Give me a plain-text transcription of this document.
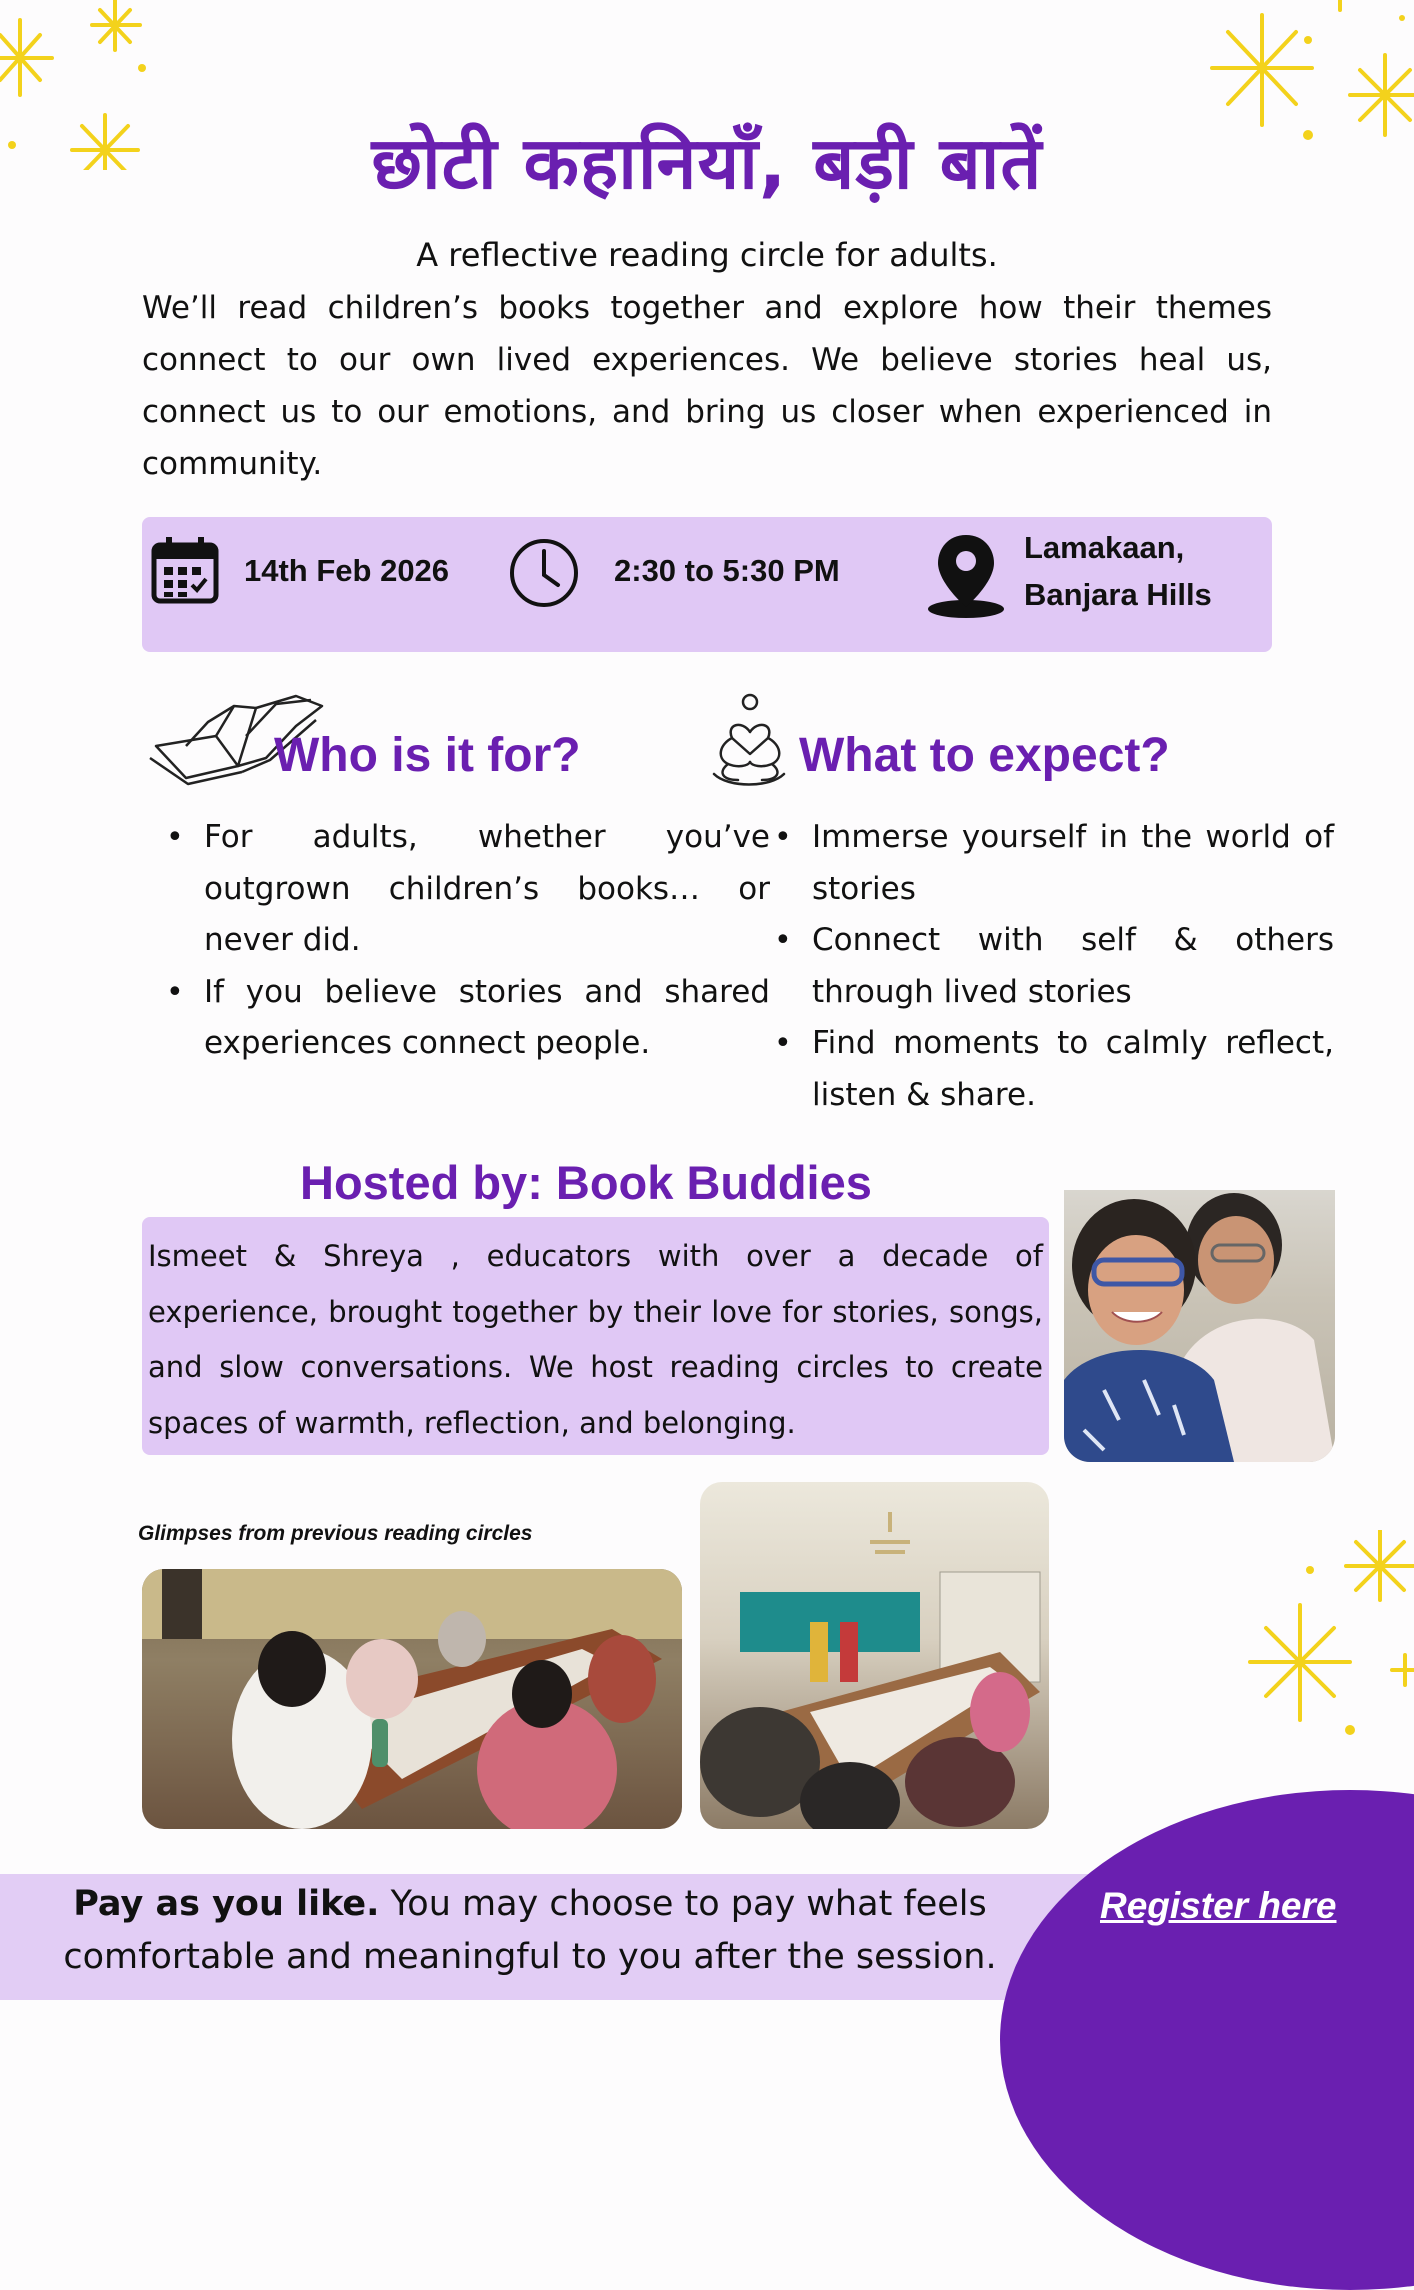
छोटी कहानियाँ, बड़ी बातें
A reflective reading circle for adults.
We’ll read children’s books together and explore how their themes connect to our own lived experiences. We believe stories heal us, connect us to our emotions, and bring us closer when experienced in community.
14th Feb 2026	2:30 to 5:30 PM
Lamakaan,
Banjara Hills
Who is it for?
• For adults, whether you’ve outgrown children’s books… or never did.
• If you believe stories and shared experiences connect people.
What to expect?
• Immerse yourself in the world of stories
• Connect with self & others through lived stories
• Find moments to calmly reflect, listen & share.
Hosted by: Book Buddies
Ismeet & Shreya , educators with over a decade of experience, brought together by their love for stories, songs, and slow conversations. We host reading circles to create spaces of warmth, reflection, and belonging.
Glimpses from previous reading circles
Pay as you like. You may choose to pay what feels comfortable and meaningful to you after the session.
Register here
